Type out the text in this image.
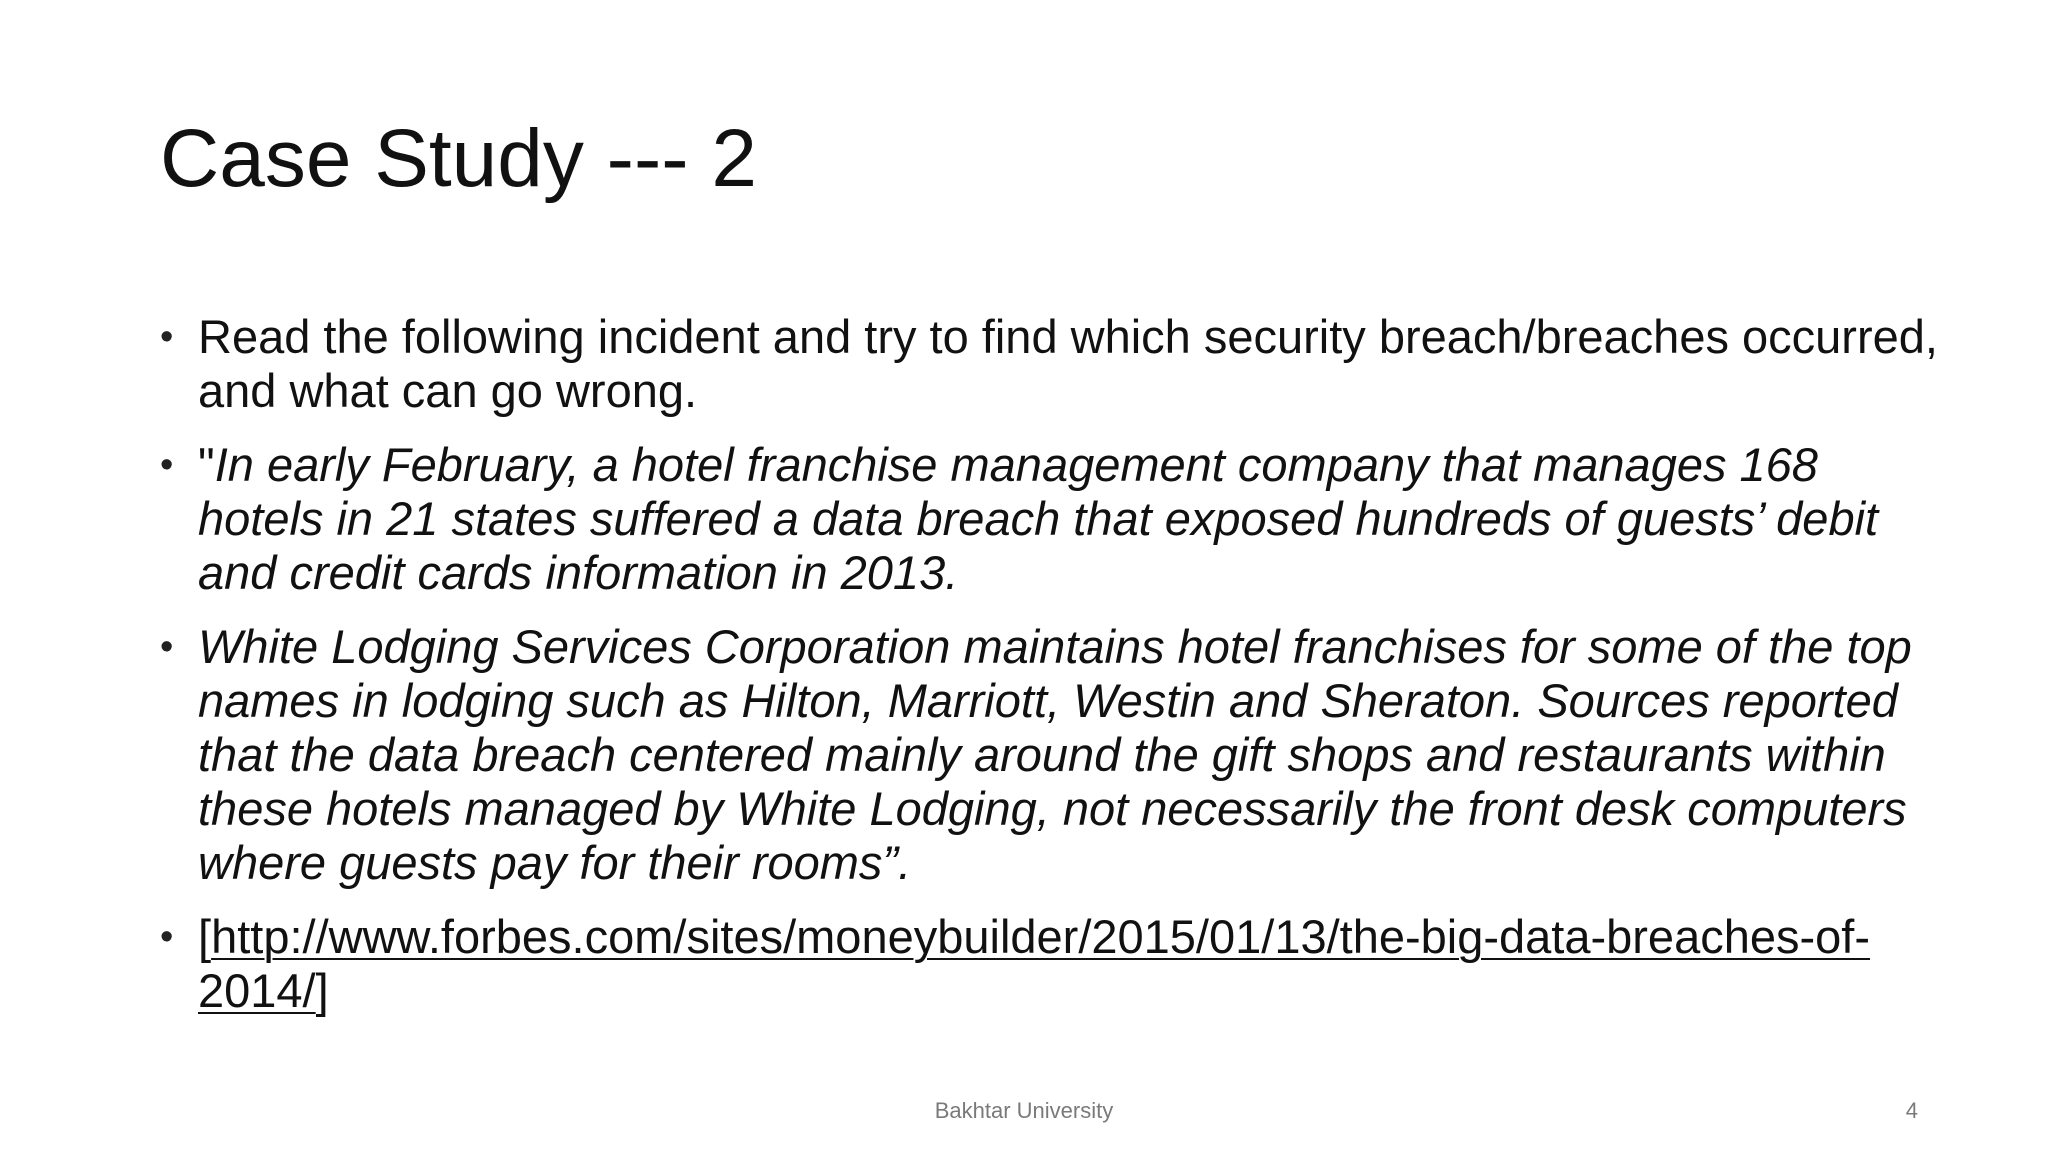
Case Study --- 2
• Read the following incident and try to find which security breach/breaches occurred, and what can go wrong.
• "In early February, a hotel franchise management company that manages 168 hotels in 21 states suffered a data breach that exposed hundreds of guests’ debit and credit cards information in 2013.
• White Lodging Services Corporation maintains hotel franchises for some of the top names in lodging such as Hilton, Marriott, Westin and Sheraton. Sources reported that the data breach centered mainly around the gift shops and restaurants within these hotels managed by White Lodging, not necessarily the front desk computers where guests pay for their rooms”.
• [http://www.forbes.com/sites/moneybuilder/2015/01/13/the-big-data-breaches-of-2014/]
Bakhtar University	4
